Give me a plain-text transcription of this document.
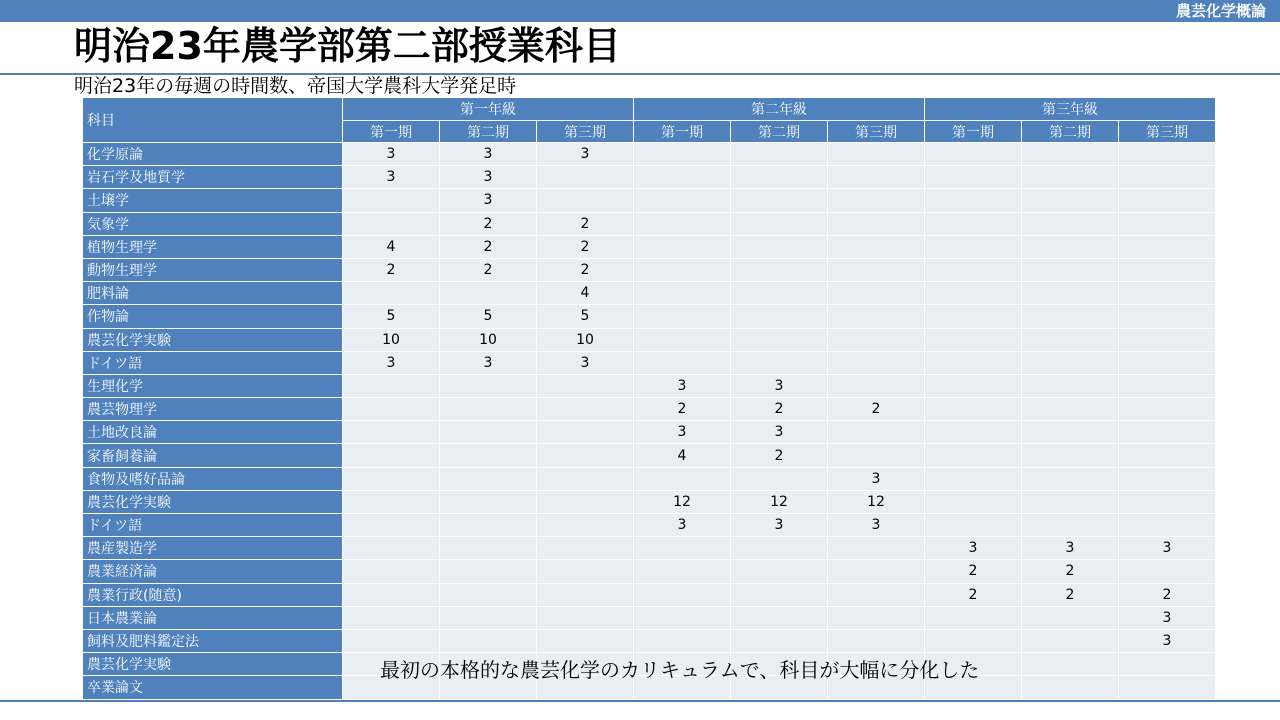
農芸化学概論
明治23年農学部第二部授業科目
明治23年の毎週の時間数、帝国大学農科大学発足時
科目	第一年級			第二年級			第三年級		
	第一期	第二期	第三期	第一期	第二期	第三期	第一期	第二期	第三期
化学原論	3	3	3						
岩石学及地質学	3	3							
土壌学		3							
気象学		2	2						
植物生理学	4	2	2						
動物生理学	2	2	2						
肥料論			4						
作物論	5	5	5						
農芸化学実験	10	10	10						
ドイツ語	3	3	3						
生理化学				3	3				
農芸物理学				2	2	2			
土地改良論				3	3				
家畜飼養論				4	2				
食物及嗜好品論						3			
農芸化学実験				12	12	12			
ドイツ語				3	3	3			
農産製造学							3	3	3
農業経済論							2	2	
農業行政(随意)							2	2	2
日本農業論									3
飼料及肥料鑑定法									3
農芸化学実験									
卒業論文									
最初の本格的な農芸化学のカリキュラムで、科目が大幅に分化した
